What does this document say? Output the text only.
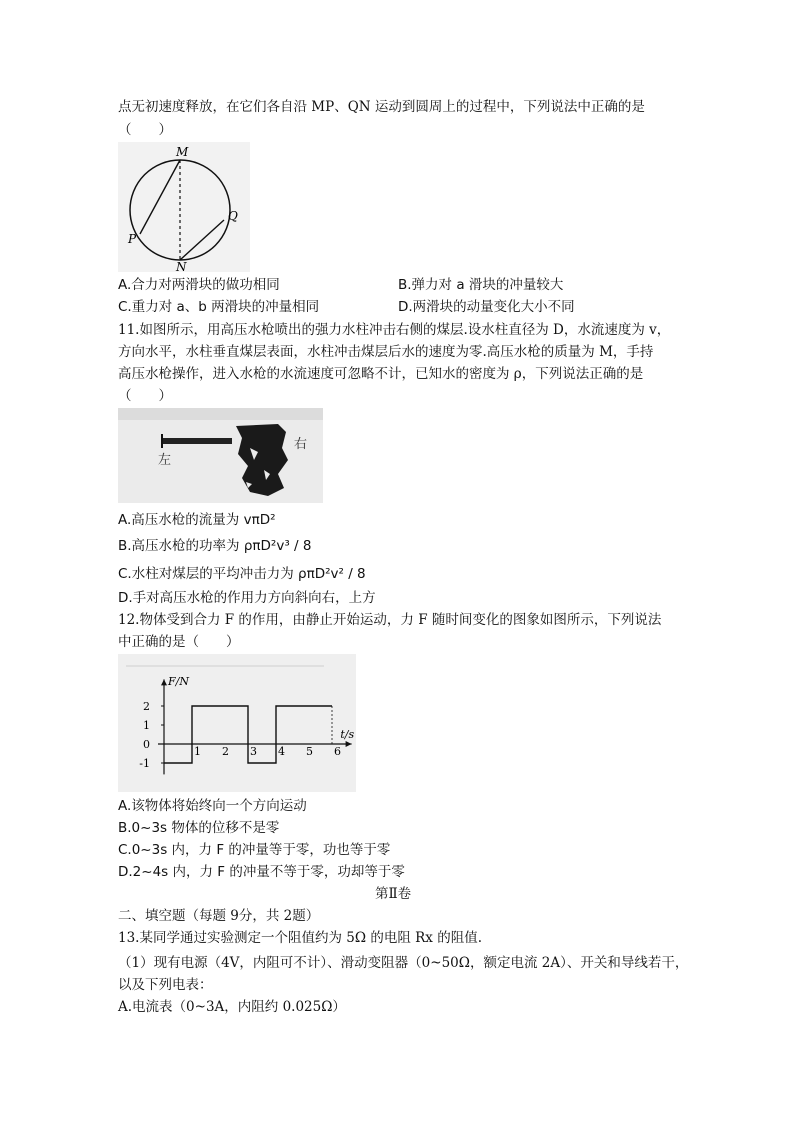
点无初速度释放，在它们各自沿 MP、QN 运动到圆周上的过程中，下列说法中正确的是
（　　）
M
P
N
Q
A.合力对两滑块的做功相同	B.弹力对 a 滑块的冲量较大
C.重力对 a、b 两滑块的冲量相同	D.两滑块的动量变化大小不同
11.如图所示，用高压水枪喷出的强力水柱冲击右侧的煤层.设水柱直径为 D，水流速度为 v，
方向水平，水柱垂直煤层表面，水柱冲击煤层后水的速度为零.高压水枪的质量为 M，手持
高压水枪操作，进入水枪的水流速度可忽略不计，已知水的密度为 ρ，下列说法正确的是
（　　）
左
右
A.高压水枪的流量为 vπD²
B.高压水枪的功率为 ρπD²v³ / 8
C.水柱对煤层的平均冲击力为 ρπD²v² / 8
D.手对高压水枪的作用力方向斜向右，上方
12.物体受到合力 F 的作用，由静止开始运动，力 F 随时间变化的图象如图所示，下列说法
中正确的是（　　）
2
1
0
-1
1 2 3 4 5 6
F/N
t/s
A.该物体将始终向一个方向运动
B.0~3s 物体的位移不是零
C.0~3s 内，力 F 的冲量等于零，功也等于零
D.2~4s 内，力 F 的冲量不等于零，功却等于零
第Ⅱ卷
二、填空题（每题 9分，共 2题）
13.某同学通过实验测定一个阻值约为 5Ω 的电阻 Rx 的阻值.
（1）现有电源（4V，内阻可不计）、滑动变阻器（0~50Ω，额定电流 2A）、开关和导线若干，
以及下列电表：
A.电流表（0~3A，内阻约 0.025Ω）
